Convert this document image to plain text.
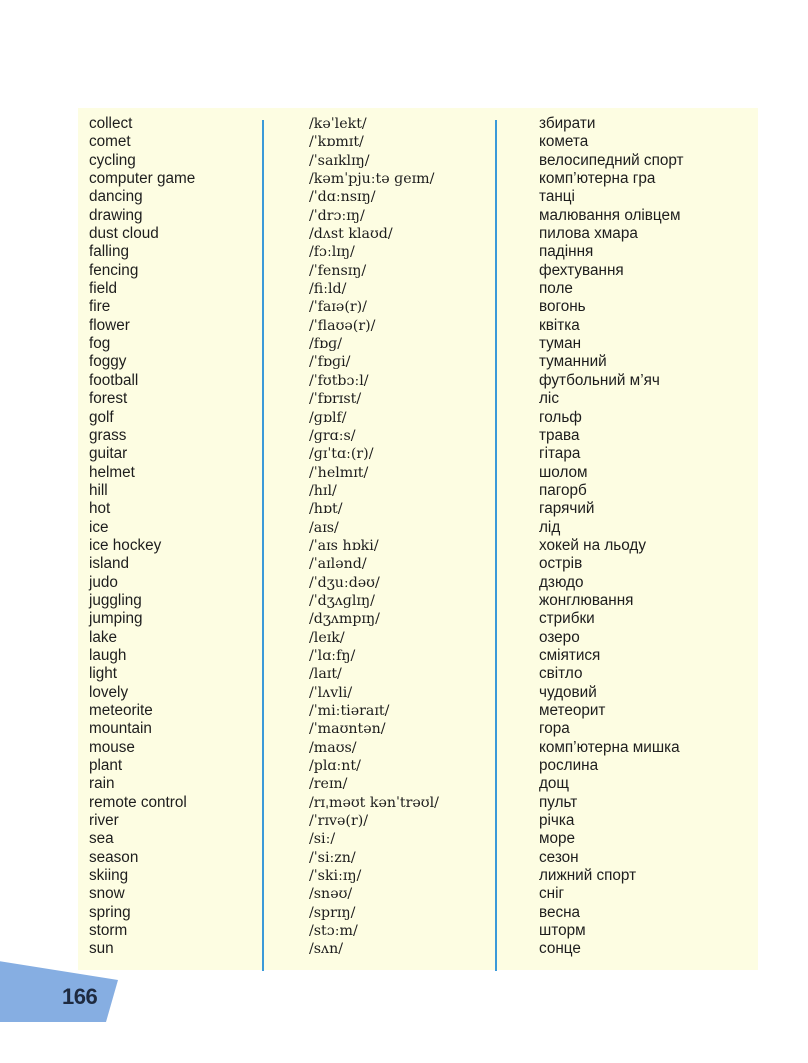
collect
comet
cycling
computer game
dancing
drawing
dust cloud
falling
fencing
field
fire
flower
fog
foggy
football
forest
golf
grass
guitar
helmet
hill
hot
ice
ice hockey
island
judo
juggling
jumping
lake
laugh
light
lovely
meteorite
mountain
mouse
plant
rain
remote control
river
sea
season
skiing
snow
spring
storm
sun
/kəˈlekt/
/ˈkɒmɪt/
/ˈsaɪklɪŋ/
/kəmˈpjuːtə ɡeɪm/
/ˈdɑːnsɪŋ/
/ˈdrɔːɪŋ/
/dʌst klaʊd/
/fɔːlɪŋ/
/ˈfensɪŋ/
/fiːld/
/ˈfaɪə(r)/
/ˈflaʊə(r)/
/fɒɡ/
/ˈfɒɡi/
/ˈfʊtbɔːl/
/ˈfɒrɪst/
/ɡɒlf/
/ɡrɑːs/
/ɡɪˈtɑː(r)/
/ˈhelmɪt/
/hɪl/
/hɒt/
/aɪs/
/ˈaɪs hɒki/
/ˈaɪlənd/
/ˈdʒuːdəʊ/
/ˈdʒʌɡlɪŋ/
/dʒʌmpɪŋ/
/leɪk/
/ˈlɑːfŋ/
/laɪt/
/ˈlʌvli/
/ˈmiːtiəraɪt/
/ˈmaʊntən/
/maʊs/
/plɑːnt/
/reɪn/
/rɪˌməʊt kənˈtrəʊl/
/ˈrɪvə(r)/
/siː/
/ˈsiːzn/
/ˈskiːɪŋ/
/snəʊ/
/sprɪŋ/
/stɔːm/
/sʌn/
збирати
комета
велосипедний спорт
комп’ютерна гра
танці
малювання олівцем
пилова хмара
падіння
фехтування
поле
вогонь
квітка
туман
туманний
футбольний м’яч
ліс
гольф
трава
гітара
шолом
пагорб
гарячий
лід
хокей на льоду
острів
дзюдо
жонглювання
стрибки
озеро
сміятися
світло
чудовий
метеорит
гора
комп’ютерна мишка
рослина
дощ
пульт
річка
море
сезон
лижний спорт
сніг
весна
шторм
сонце
166
